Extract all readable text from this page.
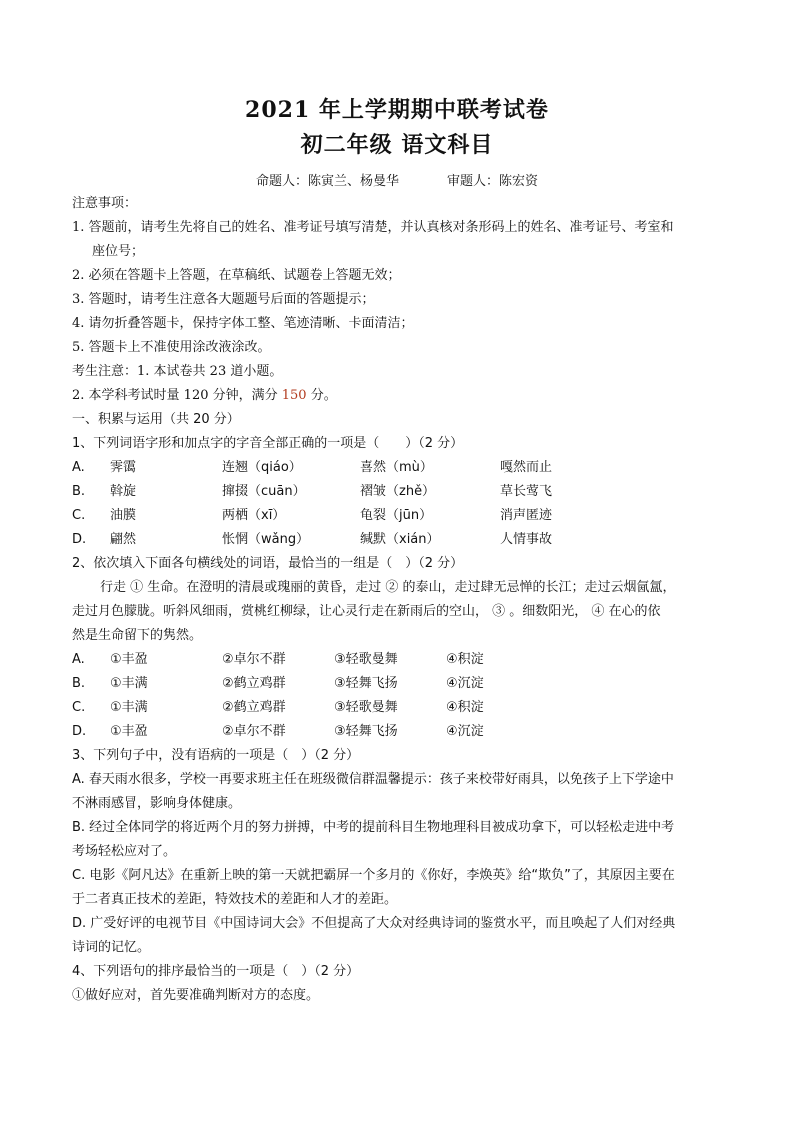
2021 年上学期期中联考试卷
初二年级 语文科目
命题人：陈寅兰、杨曼华	审题人：陈宏资
注意事项：
1. 答题前，请考生先将自己的姓名、准考证号填写清楚，并认真核对条形码上的姓名、准考证号、考室和
座位号；
2. 必须在答题卡上答题，在草稿纸、试题卷上答题无效；
3. 答题时，请考生注意各大题题号后面的答题提示；
4. 请勿折叠答题卡，保持字体工整、笔迹清晰、卡面清洁；
5. 答题卡上不准使用涂改液涂改。
考生注意：1. 本试卷共 23 道小题。
2. 本学科考试时量 120 分钟，满分 150 分。
一、积累与运用（共 20 分）
1、下列词语字形和加点字的字音全部正确的一项是（　　）（2 分）
A.	霁霭	连翘（qiáo）	喜然（mù）	嘎然而止
B.	斡旋	撺掇（cuān）	褶皱（zhě）	草长莺飞
C.	油膜	两栖（xī）	龟裂（jūn）	消声匿迹
D.	翩然	怅惘（wǎng）	缄默（xián）	人情事故
2、依次填入下面各句横线处的词语，最恰当的一组是（　）（2 分）
行走 ① 生命。在澄明的清晨或瑰丽的黄昏，走过 ② 的泰山，走过肆无忌惮的长江；走过云烟氤氲，
走过月色朦胧。听斜风细雨，赏桃红柳绿，让心灵行走在新雨后的空山， ③ 。细数阳光， ④ 在心的依
然是生命留下的隽然。
A.	①丰盈	②卓尔不群	③轻歌曼舞	④积淀
B.	①丰满	②鹤立鸡群	③轻舞飞扬	④沉淀
C.	①丰满	②鹤立鸡群	③轻歌曼舞	④积淀
D.	①丰盈	②卓尔不群	③轻舞飞扬	④沉淀
3、下列句子中，没有语病的一项是（　）（2 分）
A. 春天雨水很多，学校一再要求班主任在班级微信群温馨提示：孩子来校带好雨具，以免孩子上下学途中
不淋雨感冒，影响身体健康。
B. 经过全体同学的将近两个月的努力拼搏，中考的提前科目生物地理科目被成功拿下，可以轻松走进中考
考场轻松应对了。
C. 电影《阿凡达》在重新上映的第一天就把霸屏一个多月的《你好，李焕英》给“欺负”了，其原因主要在
于二者真正技术的差距，特效技术的差距和人才的差距。
D. 广受好评的电视节目《中国诗词大会》不但提高了大众对经典诗词的鉴赏水平，而且唤起了人们对经典
诗词的记忆。
4、下列语句的排序最恰当的一项是（　）（2 分）
①做好应对，首先要准确判断对方的态度。
